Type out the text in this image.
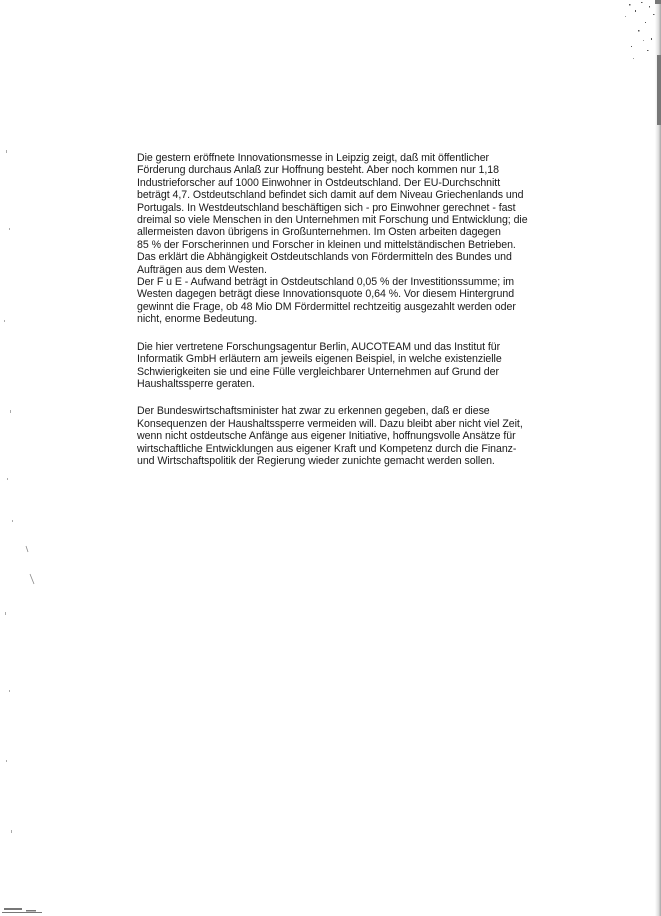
Die gestern eröffnete Innovationsmesse in Leipzig zeigt, daß mit öffentlicher
Förderung durchaus Anlaß zur Hoffnung besteht. Aber noch kommen nur 1,18
Industrieforscher auf 1000 Einwohner in Ostdeutschland. Der EU-Durchschnitt
beträgt 4,7. Ostdeutschland befindet sich damit auf dem Niveau Griechenlands und
Portugals. In Westdeutschland beschäftigen sich - pro Einwohner gerechnet - fast
dreimal so viele Menschen in den Unternehmen mit Forschung und Entwicklung; die
allermeisten davon übrigens in Großunternehmen. Im Osten arbeiten dagegen
85 % der Forscherinnen und Forscher in kleinen und mittelständischen Betrieben.
Das erklärt die Abhängigkeit Ostdeutschlands von Fördermitteln des Bundes und
Aufträgen aus dem Westen.
Der F u E - Aufwand beträgt in Ostdeutschland 0,05 % der Investitionssumme; im
Westen dagegen beträgt diese Innovationsquote 0,64 %. Vor diesem Hintergrund
gewinnt die Frage, ob 48 Mio DM Fördermittel rechtzeitig ausgezahlt werden oder
nicht, enorme Bedeutung.
Die hier vertretene Forschungsagentur Berlin, AUCOTEAM und das Institut für
Informatik GmbH erläutern am jeweils eigenen Beispiel, in welche existenzielle
Schwierigkeiten sie und eine Fülle vergleichbarer Unternehmen auf Grund der
Haushaltssperre geraten.
Der Bundeswirtschaftsminister hat zwar zu erkennen gegeben, daß er diese
Konsequenzen der Haushaltssperre vermeiden will. Dazu bleibt aber nicht viel Zeit,
wenn nicht ostdeutsche Anfänge aus eigener Initiative, hoffnungsvolle Ansätze für
wirtschaftliche Entwicklungen aus eigener Kraft und Kompetenz durch die Finanz-
und Wirtschaftspolitik der Regierung wieder zunichte gemacht werden sollen.
